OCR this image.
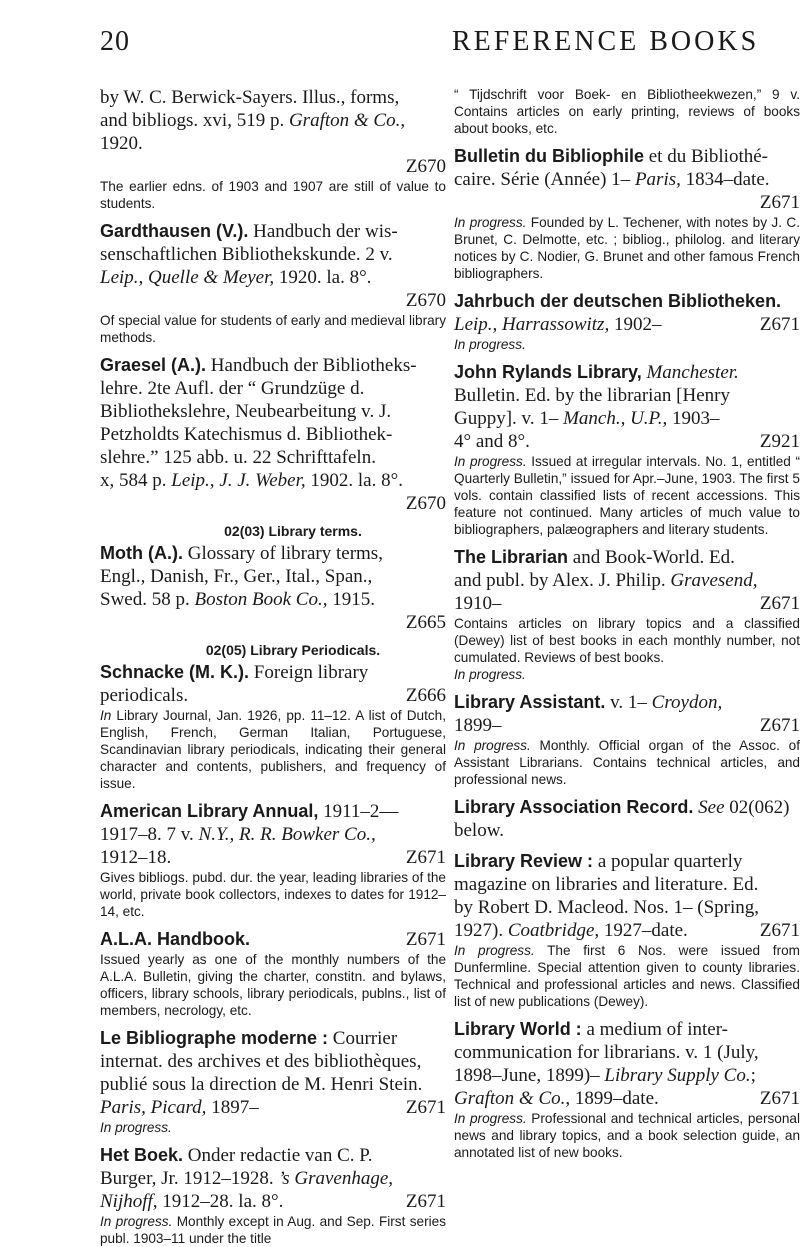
20	REFERENCE BOOKS

by W. C. Berwick-Sayers. Illus., forms,
and bibliogs. xvi, 519 p. Grafton & Co.,
1920.

Z670

The earlier edns. of 1903 and 1907 are still of value to students.

Gardthausen (V.). Handbuch der wis-
senschaftlichen Bibliothekskunde. 2 v.
Leip., Quelle & Meyer, 1920. la. 8°.

Z670

Of special value for students of early and medieval library methods.

Graesel (A.). Handbuch der Bibliotheks-
lehre. 2te Aufl. der “ Grundzüge d.
Bibliothekslehre, Neubearbeitung v. J.
Petzholdts Katechismus d. Bibliothek-
slehre.” 125 abb. u. 22 Schrifttafeln.
x, 584 p. Leip., J. J. Weber, 1902. la. 8°.

Z670

02(03) Library terms.

Moth (A.). Glossary of library terms,
Engl., Danish, Fr., Ger., Ital., Span.,
Swed. 58 p. Boston Book Co., 1915.

Z665

02(05) Library Periodicals.

Schnacke (M. K.). Foreign library

periodicals.	Z666

In Library Journal, Jan. 1926, pp. 11–12. A list of Dutch, English, French, German Italian, Portuguese, Scandinavian library periodicals, indicating their general character and contents, publishers, and frequency of issue.

American Library Annual, 1911–2—
1917–8. 7 v. N.Y., R. R. Bowker Co.,

1912–18.	Z671

Gives bibliogs. pubd. dur. the year, leading libraries of the world, private book collectors, indexes to dates for 1912–14, etc.

A.L.A. Handbook.	Z671

Issued yearly as one of the monthly numbers of the A.L.A. Bulletin, giving the charter, constitn. and bylaws, officers, library schools, library periodicals, publns., list of members, necrology, etc.

Le Bibliographe moderne : Courrier
internat. des archives et des bibliothèques,
publié sous la direction de M. Henri Stein.

Paris, Picard, 1897–	Z671

In progress.

Het Boek. Onder redactie van C. P.
Burger, Jr. 1912–1928. ’s Gravenhage,

Nijhoff, 1912–28. la. 8°.	Z671

In progress. Monthly except in Aug. and Sep. First series publ. 1903–11 under the title

“ Tijdschrift voor Boek- en Bibliotheekwezen,” 9 v. Contains articles on early printing, reviews of books about books, etc.

Bulletin du Bibliophile et du Bibliothé-
caire. Série (Année) 1– Paris, 1834–date.

Z671

In progress. Founded by L. Techener, with notes by J. C. Brunet, C. Delmotte, etc. ; bibliog., philolog. and literary notices by C. Nodier, G. Brunet and other famous French bibliographers.

Jahrbuch der deutschen Bibliotheken.

Leip., Harrassowitz, 1902–	Z671

In progress.

John Rylands Library, Manchester.
Bulletin. Ed. by the librarian [Henry
Guppy]. v. 1– Manch., U.P., 1903–

4° and 8°.	Z921

In progress. Issued at irregular intervals. No. 1, entitled “ Quarterly Bulletin,” issued for Apr.–June, 1903. The first 5 vols. contain classified lists of recent accessions. This feature not continued. Many articles of much value to bibliographers, palæographers and literary students.

The Librarian and Book-World. Ed.
and publ. by Alex. J. Philip. Gravesend,

1910–	Z671

Contains articles on library topics and a classified (Dewey) list of best books in each monthly number, not cumulated. Reviews of best books.

In progress.

Library Assistant. v. 1– Croydon,

1899–	Z671

In progress. Monthly. Official organ of the Assoc. of Assistant Librarians. Contains technical articles, and professional news.

Library Association Record. See 02(062)
below.

Library Review : a popular quarterly
magazine on libraries and literature. Ed.
by Robert D. Macleod. Nos. 1– (Spring,

1927). Coatbridge, 1927–date.	Z671

In progress. The first 6 Nos. were issued from Dunfermline. Special attention given to county libraries. Technical and professional articles and news. Classified list of new publications (Dewey).

Library World : a medium of inter-
communication for librarians. v. 1 (July,
1898–June, 1899)– Library Supply Co.;

Grafton & Co., 1899–date.	Z671

In progress. Professional and technical articles, personal news and library topics, and a book selection guide, an annotated list of new books.
